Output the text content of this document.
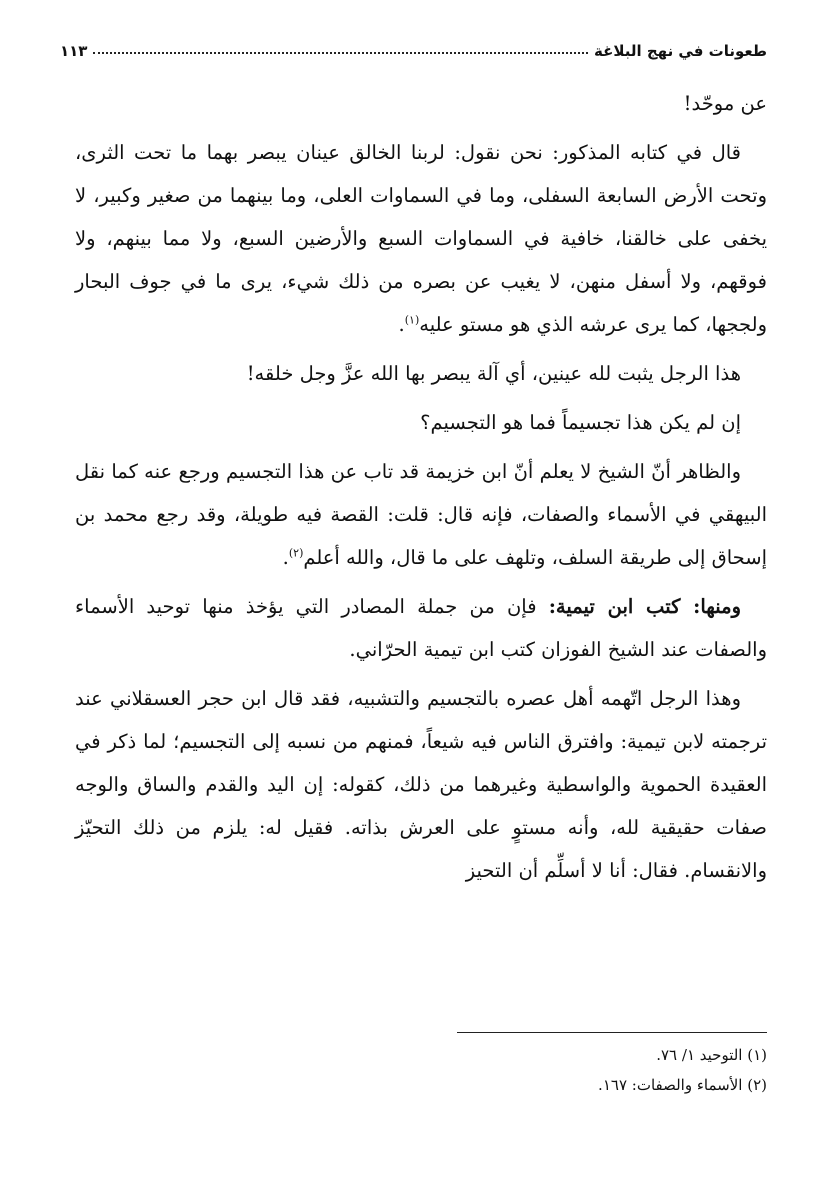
طعونات في نهج البلاغة
١١٣

عن موحّد!

قال في كتابه المذكور: نحن نقول: لربنا الخالق عينان يبصر بهما ما تحت الثرى، وتحت الأرض السابعة السفلى، وما في السماوات العلى، وما بينهما من صغير وكبير، لا يخفى على خالقنا، خافية في السماوات السبع والأرضين السبع، ولا مما بينهم، ولا فوقهم، ولا أسفل منهن، لا يغيب عن بصره من ذلك شيء، يرى ما في جوف البحار ولججها، كما يرى عرشه الذي هو مستو عليه$^{(١)}$.

هذا الرجل يثبت لله عينين، أي آلة يبصر بها الله عزَّ وجل خلقه!

إن لم يكن هذا تجسيماً فما هو التجسيم؟

والظاهر أنّ الشيخ لا يعلم أنّ ابن خزيمة قد تاب عن هذا التجسيم ورجع عنه كما نقل البيهقي في الأسماء والصفات، فإنه قال: قلت: القصة فيه طويلة، وقد رجع محمد بن إسحاق إلى طريقة السلف، وتلهف على ما قال، والله أعلم$^{(٢)}$.

ومنها: كتب ابن تيمية: فإن من جملة المصادر التي يؤخذ منها توحيد الأسماء والصفات عند الشيخ الفوزان كتب ابن تيمية الحرّاني.

وهذا الرجل اتّهمه أهل عصره بالتجسيم والتشبيه، فقد قال ابن حجر العسقلاني عند ترجمته لابن تيمية: وافترق الناس فيه شيعاً، فمنهم من نسبه إلى التجسيم؛ لما ذكر في العقيدة الحموية والواسطية وغيرهما من ذلك، كقوله: إن اليد والقدم والساق والوجه صفات حقيقية لله، وأنه مستوٍ على العرش بذاته. فقيل له: يلزم من ذلك التحيّز والانقسام. فقال: أنا لا أسلِّم أن التحيز

(١) التوحيد ١/ ٧٦.
(٢) الأسماء والصفات: ١٦٧.
